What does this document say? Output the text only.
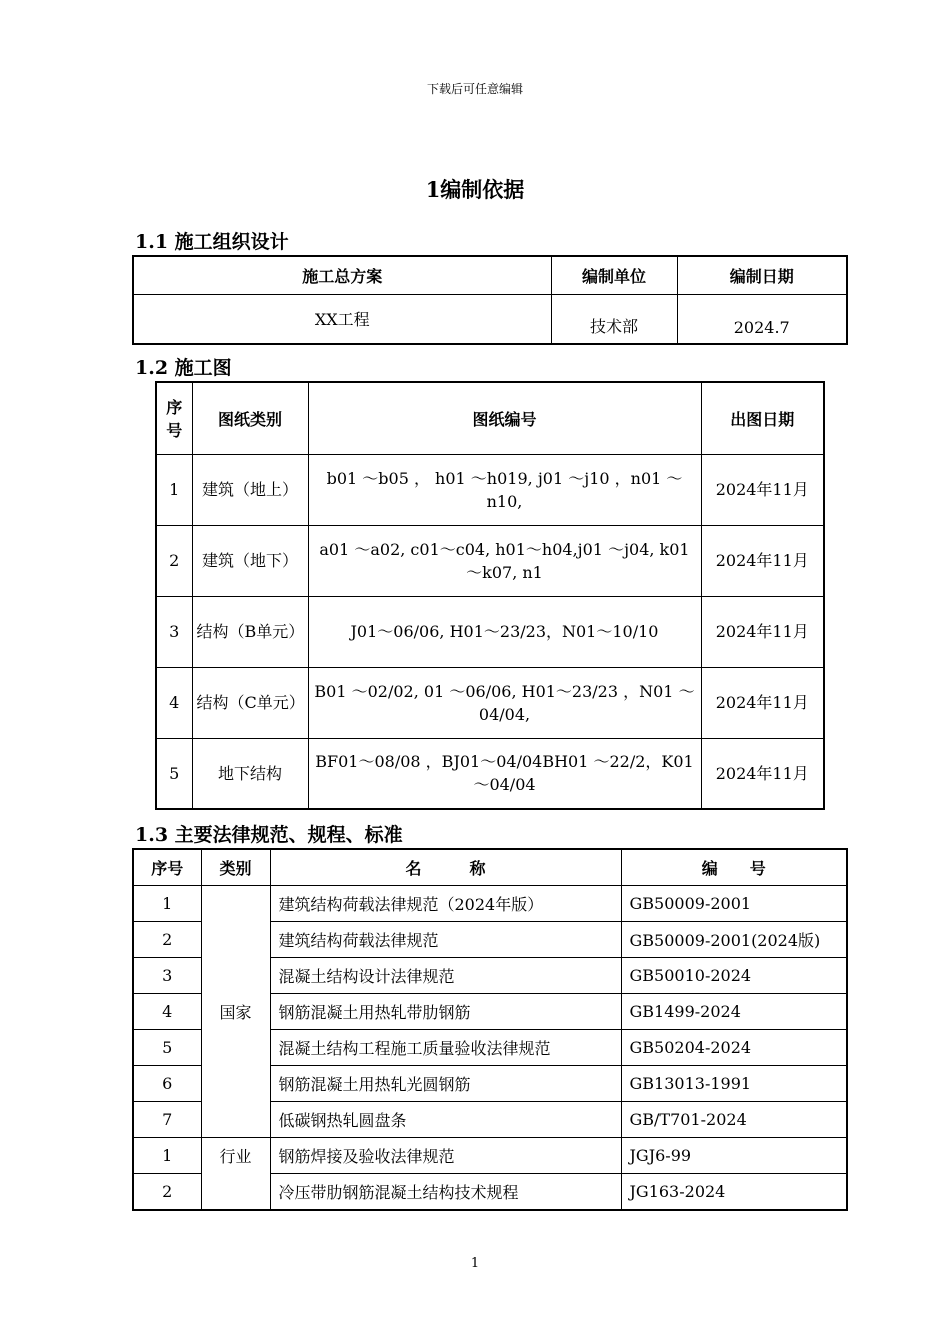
下载后可任意编辑
1编制依据
1.1 施工组织设计
施工总方案	编制单位	编制日期
XX工程	技术部	2024.7
1.2 施工图
序号	图纸类别	图纸编号	出图日期
1	建筑（地上）	b01 ～b05 ， h01 ～h019, j01 ～j10 ，n01 ～n10,	2024年11月
2	建筑（地下）	a01 ～a02, c01～c04, h01～h04,j01 ～j04, k01～k07, n1	2024年11月
3	结构（B单元）	J01～06/06, H01～23/23，N01～10/10	2024年11月
4	结构（C单元）	B01 ～02/02, 01 ～06/06, H01～23/23 ，N01 ～04/04,	2024年11月
5	地下结构	BF01～08/08 ，BJ01～04/04BH01 ～22/2，K01 ～04/04	2024年11月
1.3 主要法律规范、规程、标准
序号	类别	名　　　称	编　　号
1	国家	建筑结构荷载法律规范（2024年版）	GB50009-2001
2		建筑结构荷载法律规范	GB50009-2001(2024版)
3		混凝土结构设计法律规范	GB50010-2024
4		钢筋混凝土用热轧带肋钢筋	GB1499-2024
5		混凝土结构工程施工质量验收法律规范	GB50204-2024
6		钢筋混凝土用热轧光圆钢筋	GB13013-1991
7		低碳钢热轧圆盘条	GB/T701-2024
1	行业	钢筋焊接及验收法律规范	JGJ6-99
2		冷压带肋钢筋混凝土结构技术规程	JG163-2024
1
